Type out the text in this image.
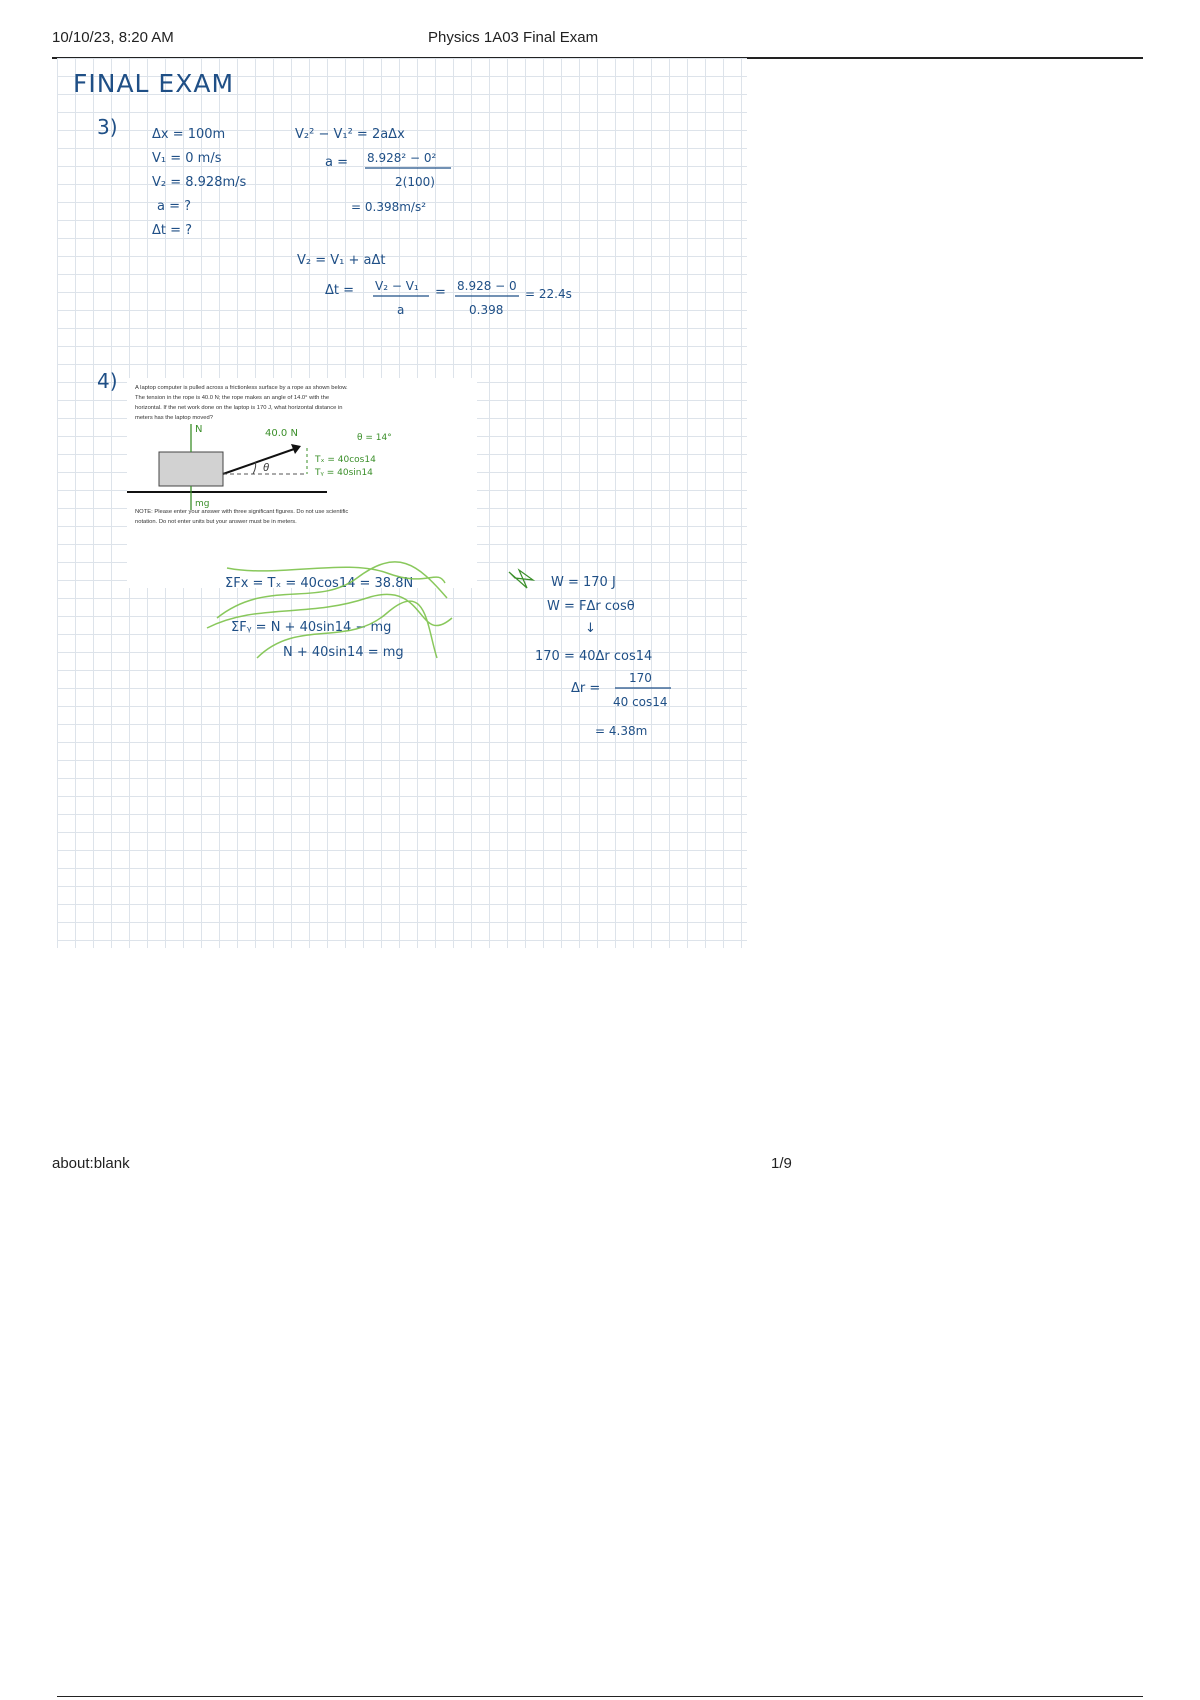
10/10/23, 8:20 AM	Physics 1A03 Final Exam
FINAL EXAM
3)	Δx = 100m
V₁ = 0 m/s
V₂ = 8.928m/s
a = ?
Δt = ?
V₂² − V₁² = 2aΔx
a = 8.928² − 0²
2(100)
= 0.398m/s²
V₂ = V₁ + aΔt
Δt = V₂ − V₁
a
= 8.928 − 0
0.398
= 22.4s
4)	A laptop computer is pulled across a frictionless surface by a rope as shown below.
The tension in the rope is 40.0 N; the rope makes an angle of 14.0° with the
horizontal. If the net work done on the laptop is 170 J, what horizontal distance in
meters has the laptop moved?
θ
N
mg
40.0 N	θ = 14°
Tₓ = 40cos14
Tᵧ = 40sin14
NOTE: Please enter your answer with three significant figures. Do not use scientific
notation. Do not enter units but your answer must be in meters.
ΣFx = Tₓ = 40cos14 = 38.8N
ΣFᵧ = N + 40sin14 − mg
N + 40sin14 = mg
W = 170 J
W = FΔr cosθ
↓
170 = 40Δr cos14
Δr =
170
40 cos14
= 4.38m
about:blank	1/9
